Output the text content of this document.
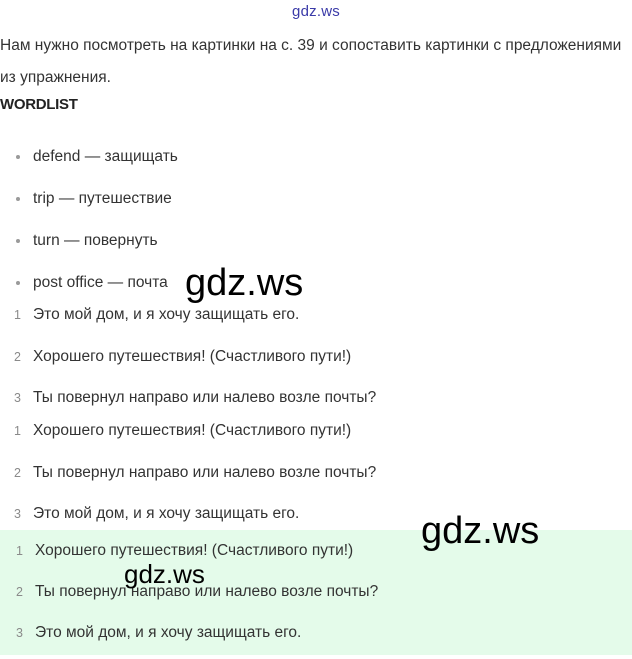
gdz.ws
Нам нужно посмотреть на картинки на с. 39 и сопоставить картинки с предложениями из упражнения.
WORDLIST
defend — защищать
trip — путешествие
turn — повернуть
post office — почта
1 Это мой дом, и я хочу защищать его.
2 Хорошего путешествия! (Счастливого пути!)
3 Ты повернул направо или налево возле почты?
1 Хорошего путешествия! (Счастливого пути!)
2 Ты повернул направо или налево возле почты?
3 Это мой дом, и я хочу защищать его.
1 Хорошего путешествия! (Счастливого пути!)
2 Ты повернул направо или налево возле почты?
3 Это мой дом, и я хочу защищать его.
gdz.ws
gdz.ws
gdz.ws
